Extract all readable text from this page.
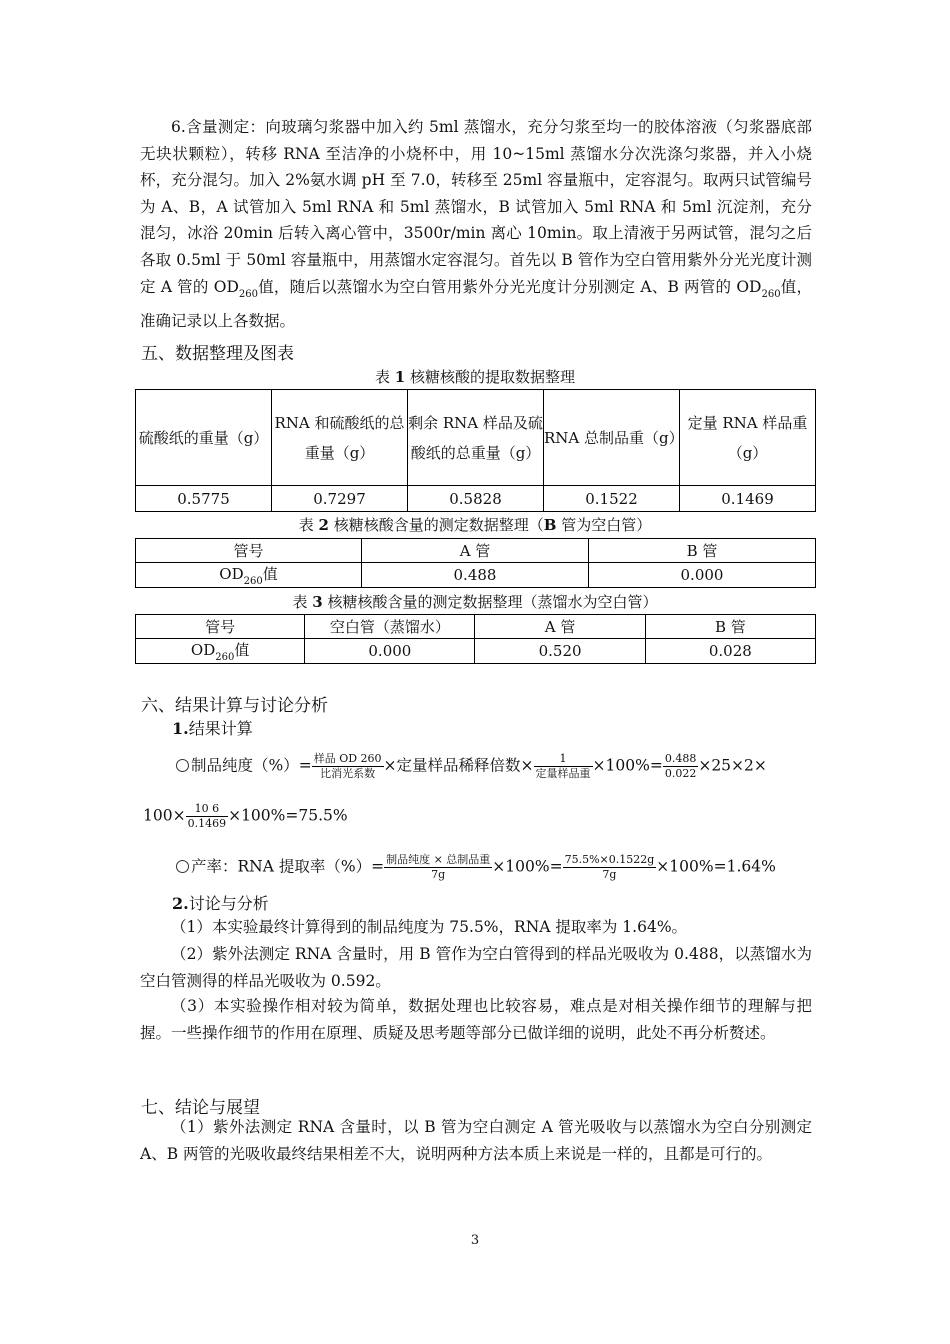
6.含量测定：向玻璃匀浆器中加入约 5ml 蒸馏水，充分匀浆至均一的胶体溶液（匀浆器底部无块状颗粒），转移 RNA 至洁净的小烧杯中，用 10~15ml 蒸馏水分次洗涤匀浆器，并入小烧杯，充分混匀。加入 2%氨水调 pH 至 7.0，转移至 25ml 容量瓶中，定容混匀。取两只试管编号为 A、B，A 试管加入 5ml RNA 和 5ml 蒸馏水，B 试管加入 5ml RNA 和 5ml 沉淀剂，充分混匀，冰浴 20min 后转入离心管中，3500r/min 离心 10min。取上清液于另两试管，混匀之后各取 0.5ml 于 50ml 容量瓶中，用蒸馏水定容混匀。首先以 B 管作为空白管用紫外分光光度计测定 A 管的 $OD_{260}$值，随后以蒸馏水为空白管用紫外分光光度计分别测定 A、B 两管的 $OD_{260}$值，准确记录以上各数据。

五、数据整理及图表

表 1 核糖核酸的提取数据整理

硫酸纸的重量（g）	RNA 和硫酸纸的总重量（g）	剩余 RNA 样品及硫酸纸的总重量（g）	RNA 总制品重（g）	定量 RNA 样品重（g）
0.5775	0.7297	0.5828	0.1522	0.1469

表 2 核糖核酸含量的测定数据整理（B 管为空白管）

管号	A 管	B 管
$OD_{260}$值	0.488	0.000

表 3 核糖核酸含量的测定数据整理（蒸馏水为空白管）

管号	空白管（蒸馏水）	A 管	B 管
$OD_{260}$值	0.000	0.520	0.028

六、结果计算与讨论分析

1.结果计算

制品纯度（%）= $\frac{\text{样品 OD 260}}{\text{比消光系数}}$ ×定量样品稀释倍数× $\frac{1}{\text{定量样品重}} \times 100\%= \frac{0.488}{0.022} \times 25\times 2\times$
$100\times \frac{10 6}{0.1469} \times 100\%=75.5\%$
产率：RNA 提取率（%）= $\frac{\text{制品纯度 × 总制品重}}{7g} \times 100\%= \frac{75.5\%\times 0.1522g}{7g} \times 100\%=1.64\%$

2.讨论与分析

（1）本实验最终计算得到的制品纯度为 75.5%，RNA 提取率为 1.64%。

（2）紫外法测定 RNA 含量时，用 B 管作为空白管得到的样品光吸收为 0.488，以蒸馏水为空白管测得的样品光吸收为 0.592。

（3）本实验操作相对较为简单，数据处理也比较容易，难点是对相关操作细节的理解与把握。一些操作细节的作用在原理、质疑及思考题等部分已做详细的说明，此处不再分析赘述。

七、结论与展望

（1）紫外法测定 RNA 含量时，以 B 管为空白测定 A 管光吸收与以蒸馏水为空白分别测定 A、B 两管的光吸收最终结果相差不大，说明两种方法本质上来说是一样的，且都是可行的。

3
